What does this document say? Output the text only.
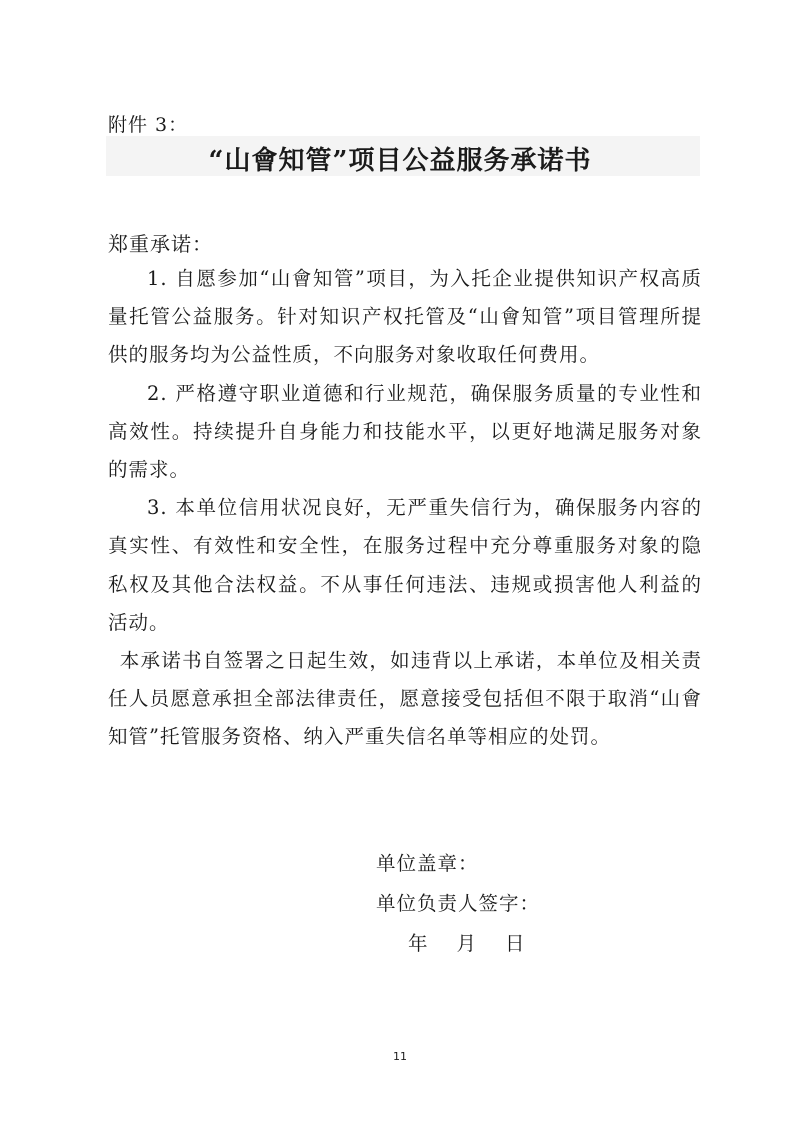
附件 3：
“山會知管”项目公益服务承诺书
郑重承诺：

1. 自愿参加“山會知管”项目，为入托企业提供知识产权高质量托管公益服务。针对知识产权托管及“山會知管”项目管理所提供的服务均为公益性质，不向服务对象收取任何费用。

2. 严格遵守职业道德和行业规范，确保服务质量的专业性和高效性。持续提升自身能力和技能水平，以更好地满足服务对象的需求。

3. 本单位信用状况良好，无严重失信行为，确保服务内容的真实性、有效性和安全性，在服务过程中充分尊重服务对象的隐私权及其他合法权益。不从事任何违法、违规或损害他人利益的活动。

本承诺书自签署之日起生效，如违背以上承诺，本单位及相关责任人员愿意承担全部法律责任，愿意接受包括但不限于取消“山會知管”托管服务资格、纳入严重失信名单等相应的处罚。

单位盖章：
单位负责人签字：
年 月 日
11
